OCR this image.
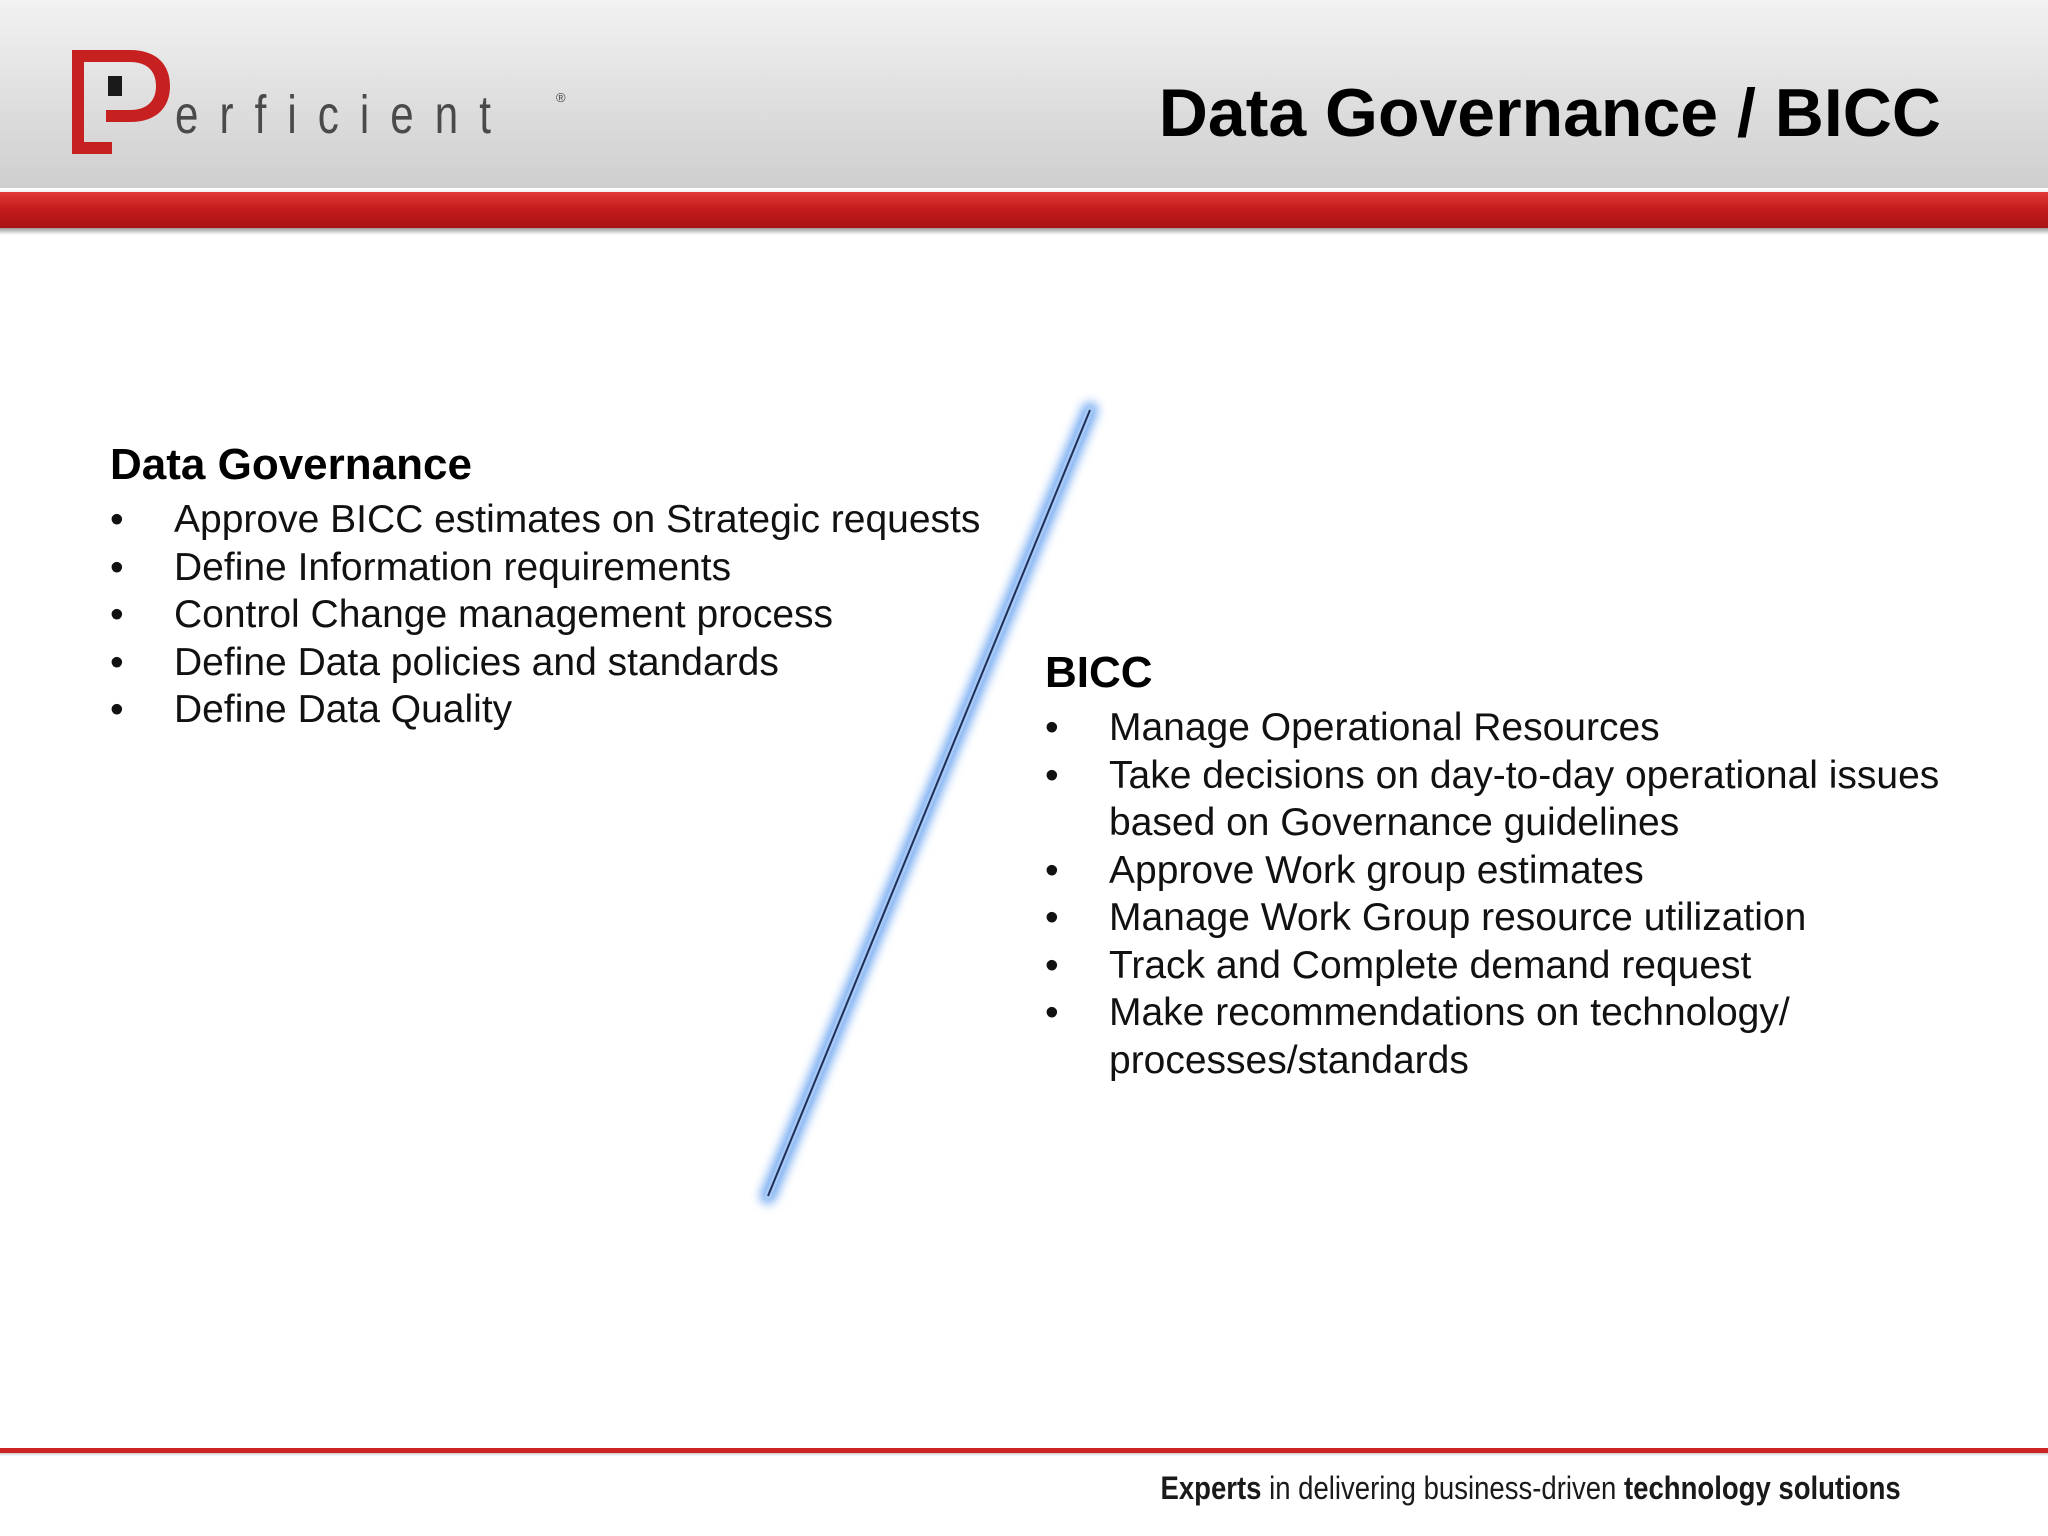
erficient	®	Data Governance / BICC
Data Governance
• Approve BICC estimates on Strategic requests
• Define Information requirements
• Control Change management process
• Define Data policies and standards
• Define Data Quality
BICC
• Manage Operational Resources
• Take decisions on day-to-day operational issues based on Governance guidelines
• Approve Work group estimates
• Manage Work Group resource utilization
• Track and Complete demand request
• Make recommendations on technology/ processes/standards
Experts in delivering business-driven technology solutions
